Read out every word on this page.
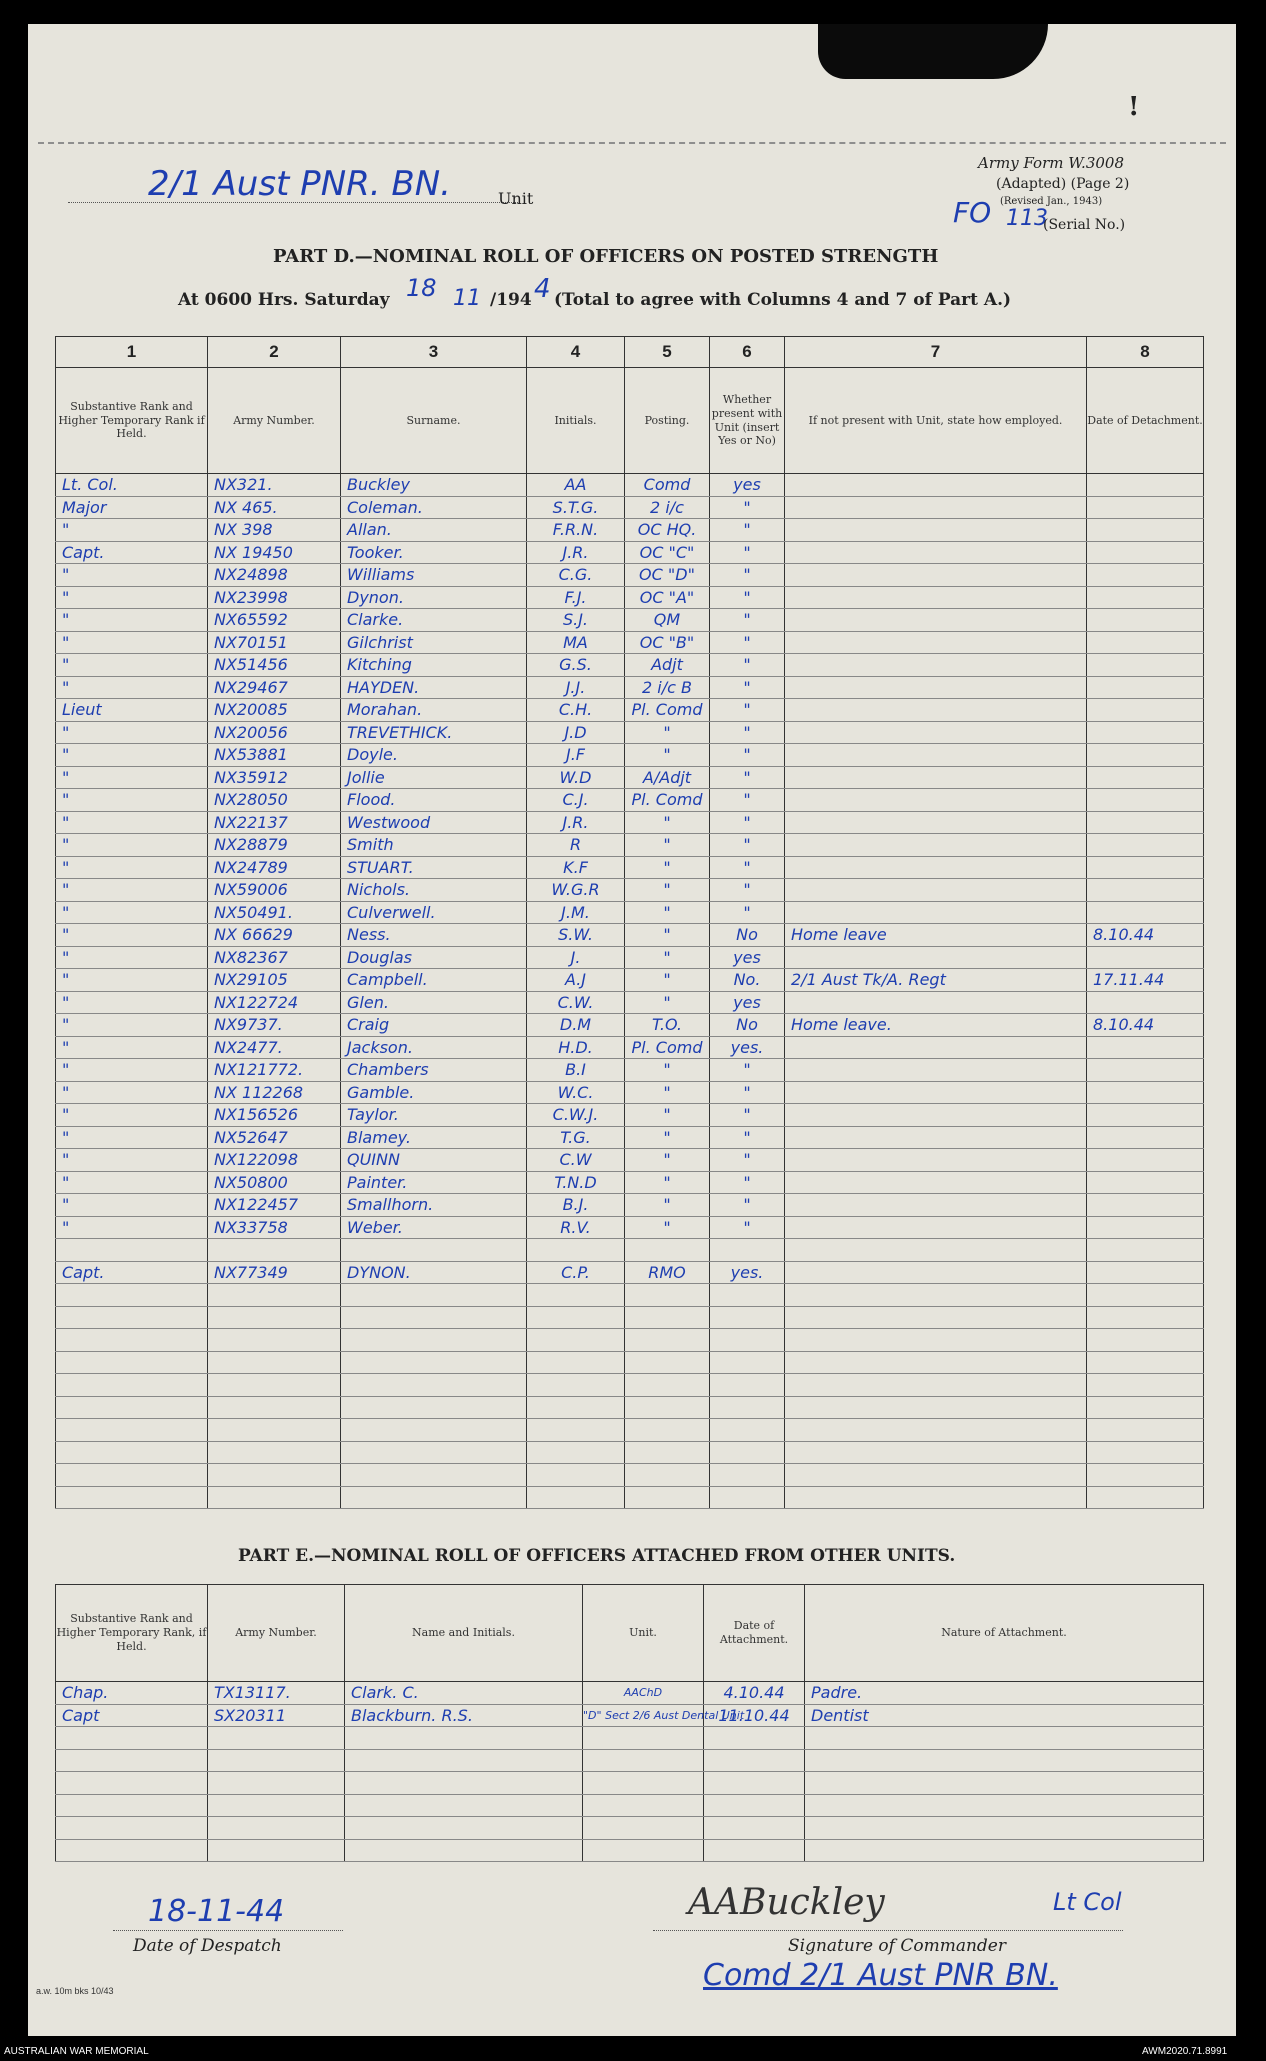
!
2/1 Aust PNR. BN.	Unit
Army Form W.3008
(Adapted) (Page 2)
(Revised Jan., 1943)
FO 113
(Serial No.)
PART D.—NOMINAL ROLL OF OFFICERS ON POSTED STRENGTH
At 0600 Hrs. Saturday 18 11 /194 4 (Total to agree with Columns 4 and 7 of Part A.)
1	2	3	4	5	6	7	8
Substantive Rank and Higher Temporary Rank if Held.	Army Number.	Surname.	Initials.	Posting.	Whether present with Unit (insert Yes or No)	If not present with Unit, state how employed.	Date of Detachment.
Lt. Col.	NX321.	Buckley	AA	Comd	yes		
Major	NX 465.	Coleman.	S.T.G.	2 i/c	"		
"	NX 398	Allan.	F.R.N.	OC HQ.	"		
Capt.	NX 19450	Tooker.	J.R.	OC "C"	"		
"	NX24898	Williams	C.G.	OC "D"	"		
"	NX23998	Dynon.	F.J.	OC "A"	"		
"	NX65592	Clarke.	S.J.	QM	"		
"	NX70151	Gilchrist	MA	OC "B"	"		
"	NX51456	Kitching	G.S.	Adjt	"		
"	NX29467	HAYDEN.	J.J.	2 i/c B	"		
Lieut	NX20085	Morahan.	C.H.	Pl. Comd	"		
"	NX20056	TREVETHICK.	J.D	"	"		
"	NX53881	Doyle.	J.F	"	"		
"	NX35912	Jollie	W.D	A/Adjt	"		
"	NX28050	Flood.	C.J.	Pl. Comd	"		
"	NX22137	Westwood	J.R.	"	"		
"	NX28879	Smith	R	"	"		
"	NX24789	STUART.	K.F	"	"		
"	NX59006	Nichols.	W.G.R	"	"		
"	NX50491.	Culverwell.	J.M.	"	"		
"	NX 66629	Ness.	S.W.	"	No	Home leave	8.10.44
"	NX82367	Douglas	J.	"	yes		
"	NX29105	Campbell.	A.J	"	No.	2/1 Aust Tk/A. Regt	17.11.44
"	NX122724	Glen.	C.W.	"	yes		
"	NX9737.	Craig	D.M	T.O.	No	Home leave.	8.10.44
"	NX2477.	Jackson.	H.D.	Pl. Comd	yes.		
"	NX121772.	Chambers	B.I	"	"		
"	NX 112268	Gamble.	W.C.	"	"		
"	NX156526	Taylor.	C.W.J.	"	"		
"	NX52647	Blamey.	T.G.	"	"		
"	NX122098	QUINN	C.W	"	"		
"	NX50800	Painter.	T.N.D	"	"		
"	NX122457	Smallhorn.	B.J.	"	"		
"	NX33758	Weber.	R.V.	"	"		

Capt.	NX77349	DYNON.	C.P.	RMO	yes.		

PART E.—NOMINAL ROLL OF OFFICERS ATTACHED FROM OTHER UNITS.
Substantive Rank and Higher Temporary Rank, if Held.	Army Number.	Name and Initials.	Unit.	Date of Attachment.	Nature of Attachment.
Chap.	TX13117.	Clark. C.	AAChD	4.10.44	Padre.
Capt	SX20311	Blackburn. R.S.	"D" Sect 2/6 Aust Dental Unit	11.10.44	Dentist

18-11-44
Date of Despatch
AABuckley	Lt Col
Signature of Commander
Comd 2/1 Aust PNR BN.
a.w. 10m bks 10/43
AUSTRALIAN WAR MEMORIAL	AWM2020.71.8991
